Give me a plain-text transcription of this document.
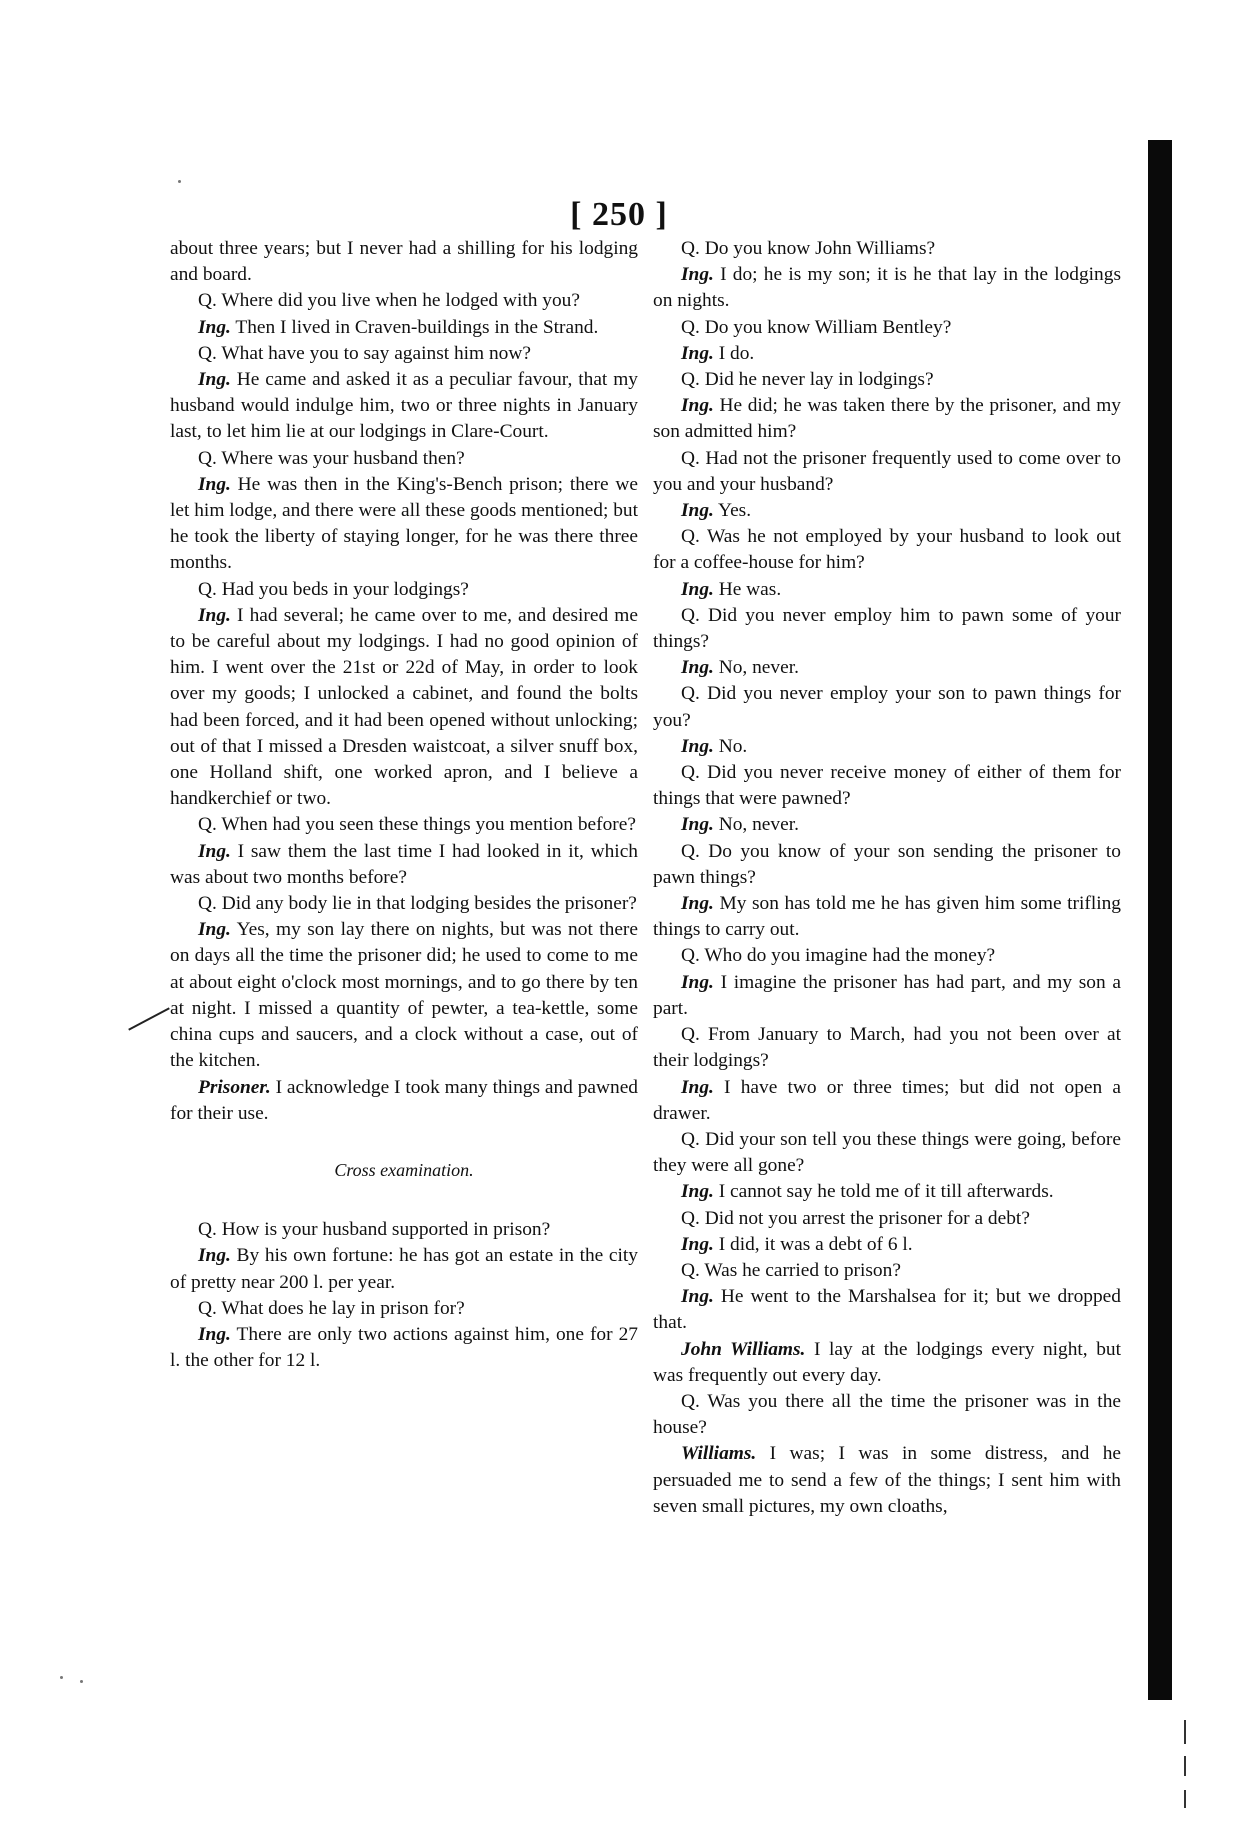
[ 250 ]

about three years; but I never had a shilling for his lodging and board.

Q. Where did you live when he lodged with you?

Ing. Then I lived in Craven-buildings in the Strand.

Q. What have you to say against him now?

Ing. He came and asked it as a peculiar favour, that my husband would indulge him, two or three nights in January last, to let him lie at our lodgings in Clare-Court.

Q. Where was your husband then?

Ing. He was then in the King's-Bench prison; there we let him lodge, and there were all these goods mentioned; but he took the liberty of staying longer, for he was there three months.

Q. Had you beds in your lodgings?

Ing. I had several; he came over to me, and desired me to be careful about my lodgings. I had no good opinion of him. I went over the 21st or 22d of May, in order to look over my goods; I unlocked a cabinet, and found the bolts had been forced, and it had been opened without unlocking; out of that I missed a Dresden waistcoat, a silver snuff box, one Holland shift, one worked apron, and I believe a handkerchief or two.

Q. When had you seen these things you mention before?

Ing. I saw them the last time I had looked in it, which was about two months before?

Q. Did any body lie in that lodging besides the prisoner?

Ing. Yes, my son lay there on nights, but was not there on days all the time the prisoner did; he used to come to me at about eight o'clock most mornings, and to go there by ten at night. I missed a quantity of pewter, a tea-kettle, some china cups and saucers, and a clock without a case, out of the kitchen.

Prisoner. I acknowledge I took many things and pawned for their use.

Cross examination.

Q. How is your husband supported in prison?

Ing. By his own fortune: he has got an estate in the city of pretty near 200 l. per year.

Q. What does he lay in prison for?

Ing. There are only two actions against him, one for 27 l. the other for 12 l.

Q. Do you know John Williams?

Ing. I do; he is my son; it is he that lay in the lodgings on nights.

Q. Do you know William Bentley?

Ing. I do.

Q. Did he never lay in lodgings?

Ing. He did; he was taken there by the prisoner, and my son admitted him?

Q. Had not the prisoner frequently used to come over to you and your husband?

Ing. Yes.

Q. Was he not employed by your husband to look out for a coffee-house for him?

Ing. He was.

Q. Did you never employ him to pawn some of your things?

Ing. No, never.

Q. Did you never employ your son to pawn things for you?

Ing. No.

Q. Did you never receive money of either of them for things that were pawned?

Ing. No, never.

Q. Do you know of your son sending the prisoner to pawn things?

Ing. My son has told me he has given him some trifling things to carry out.

Q. Who do you imagine had the money?

Ing. I imagine the prisoner has had part, and my son a part.

Q. From January to March, had you not been over at their lodgings?

Ing. I have two or three times; but did not open a drawer.

Q. Did your son tell you these things were going, before they were all gone?

Ing. I cannot say he told me of it till afterwards.

Q. Did not you arrest the prisoner for a debt?

Ing. I did, it was a debt of 6 l.

Q. Was he carried to prison?

Ing. He went to the Marshalsea for it; but we dropped that.

John Williams. I lay at the lodgings every night, but was frequently out every day.

Q. Was you there all the time the prisoner was in the house?

Williams. I was; I was in some distress, and he persuaded me to send a few of the things; I sent him with seven small pictures, my own cloaths,
